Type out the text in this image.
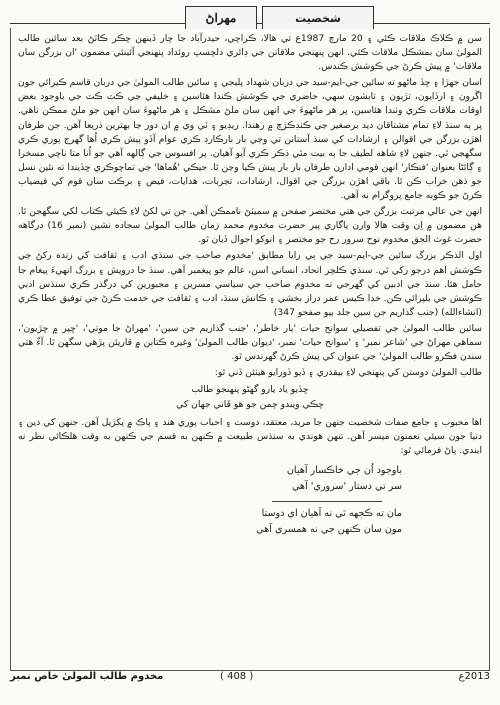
شخصيت
مهراڻ

سن ۾ ڪلاڪ ملاقات ڪئي ۽ 20 مارچ 1987ع تي هالا، ڪراچي، حيدرآباد جا چار ڏينهن چڪر ڪاٽڻ بعد سائين طالب المولىٰ سان بمشڪل ملاقات ڪئي. انهن پنهنجي ملاقاتن جي ڊائري دلچسپ روئداد پنهنجي آئينئي مضمون 'ان بزرگن سان ملاقات' ۾ پيش ڪرڻ جي ڪوشش ڪندس.

اسان جهڙا ۽ ڇڏ ماڻهو ته سائين جي-ايم-سيد جي دربان شهداد پليجي ۽ سائين طالب المولىٰ جي دربان قاسم ڪيرائي جون اڱرون ۽ ارڏايون، تڙيون ۽ تابشون سهي، حاضري جي ڪوشش ڪندا هئاسين ۽ خليفي جي ڪٽ ڪٽ جي باوجود بعض اوقات ملاقات ڪري وٺندا هئاسين، پر هر ماڻهوءَ جي انهن سان ملڻ مشڪل ۽ هر ماڻهوءَ سان انهن جو ملڻ ممڪن ناهي. پر ٻه سنڌ لاءِ تمام مشتاقان ديد برصغير جي ڪنڊڪڙڇ ۾ رهندا. ريڊيو ۽ ٽي وي ۾ ان دور جا بهترين ذريعا آهن. جن طرفان اهڙن بزرگن جي اقوالن ۽ ارشادات کي سنڌ آستانن تي وڃي بار بارڪارڊ ڪري عوام آڏو پيش ڪري اُها گهرج پوري ڪري سگهجي ٿي. جنهن لاءِ شاهه لطيف جا ٻه بيت مٿي ذڪر ڪري آيو آهيان. پر افسوس جي ڳالهه آهي جو اُنا متا ناچي مسخرا ۽ ڳائڻا بعنوان 'فنڪار' انهن قومي ادارن طرفان بار بار پيش ڪيا وڃن ٿا. جيڪي 'هُماها' جي تماچوڪري ڇڏيندا ته نئين نسل جو ذهن خراب ڪن ٿا. باقي اهڙن بزرگن جي اقوال، ارشادات، تجربات، هدايات، فيض ۽ برڪت سان قوم کي فيضياب ڪرڻ جو ڪوبه جامع پروگرام نه آهي.

انهن جي عالي مرتبت بزرگن جي هتي مختصر صفحن ۾ سميٽڻ ناممڪن آهي. جن تي لکڻ لاءِ ڪيئي ڪتاب لکي سگهجن ٿا. هن مضمون ۾ اِن وقت هالا وارن ياگاري پير حضرت مخدوم محمد زمان طالب المولىٰ سجاده نشين (نمبر 16) درگاهه حضرت غوث الحق مخدوم نوح سرور رح جو مختصر ۽ انوکو احوال ڏيان ٿو.

اول الذڪر بزرگ سائين جي-ايم-سيد جي ٻي رايا مطابق 'مخدوم صاحب جي سنڌي ادب ۽ ثقافت کي زنده رکڻ جي ڪوشش اهم درجو رکي ٿي. سنڌي ڪلچر اتحاد، انساني اسن، عالم جو پيغمبر آهي. سنڌ جا درويش ۽ بزرگ انهيءَ پيغام جا حامل هئا. سنڌ جي ادبين کي گهرجي ته مخدوم صاحب جي سياسي مسرين ۽ مجبورين کي درگذر ڪري سنڌس ادبي ڪوشش جي بلپرائي ڪن. خدا ڪيس عمر دراز بخشي ۽ ڪانش سنڌ، ادب ۽ ثقافت جي خدمت ڪرڻ جي توفيق عطا ڪري (انشاءالله) (جنب گذاريم جن سين جلد ٻيو صفحو 347)

سائين طالب المولىٰ جي تفصيلي سوانح حيات 'يار خاطر'، 'جنب گذاريم جن سين'، 'مهراڻ جا موتي'، 'ڇپر ۾ ڇڙيون'، سماهي مهراڻ جي 'شاعر نمبر' ۽ 'سوانح حيات' نمبر، 'ديوان طالب المولىٰ' وغيره ڪتابن ۾ قاريئن پڙهي سگهن ٿا. آءٌ هتي سندن فڪرو طالب المولىٰ' جي عنوان کي پيش ڪرڻ گهرندس ٿو.

طالب المولىٰ دوستن کي پنهنجي لاءِ بيقدري ۽ ڏيو ڏورايو هيٺئن ڏني ٿو:

ڇڏيو ياد يارو گهڻو پنهنجو طالب
چڪي ويندو چمن جو هو ڦاني جهان کي

اها محبوب ۽ جامع صفات شخصيت جنهن جا مريد، معتقد، دوست ۽ احباب پوري هند ۽ پاڪ ۾ پکڙيل آهن. جنهن کي دين ۽ دنيا جون سيئي نعمتون ميسر آهن. تنهن هوندي به سنڌس طبيعت ۾ ڪنهن به قسم جي ڪنهن به وقت هلڪائي نظر نه ايندي. پاڻ فرمائي ٿو:

باوجود اُن جي خاڪسار آهيان
سر تي دستار 'سروري' آهي
مان ته ڪجهه ٿي نه آهيان اي دوستا
مون سان ڪنهن جي نه همسري آهي
مخدوم طالب المولىٰ خاص نمبر	( 408 )	2013ع
